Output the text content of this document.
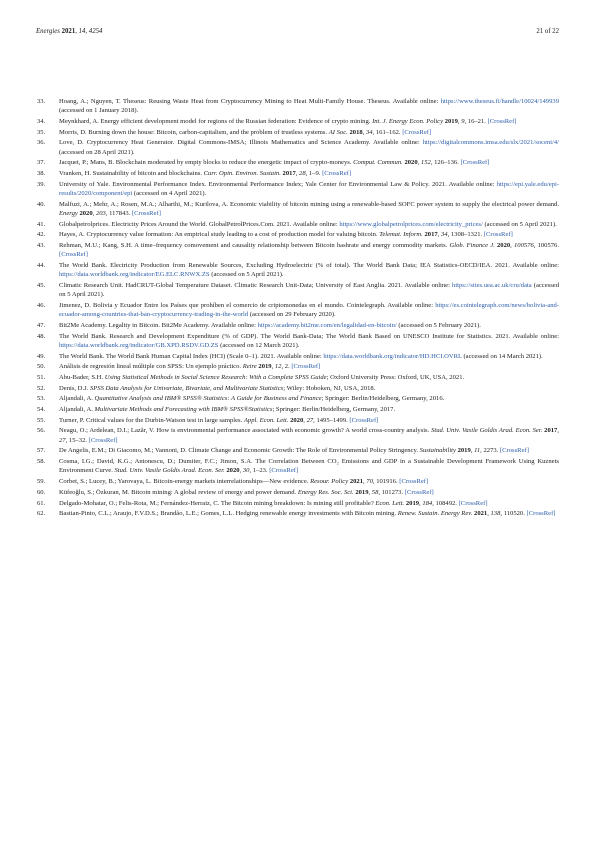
Energies 2021, 14, 4254	21 of 22
33. Hoang, A.; Nguyen, T. Theseus: Reusing Waste Heat from Cryptocurrency Mining to Heat Multi-Family House. Theseus. Available online: https://www.theseus.fi/handle/10024/149939 (accessed on 1 January 2018).
34. Meynkhard, A. Energy efficient development model for regions of the Russian federation: Evidence of crypto mining. Int. J. Energy Econ. Policy 2019, 9, 16–21. [CrossRef]
35. Morris, D. Burning down the house: Bitcoin, carbon-capitalism, and the problem of trustless systems. AI Soc. 2018, 34, 161–162. [CrossRef]
36. Love, D. Cryptocurrency Heat Generator. Digital Commons-IMSA; Illinois Mathematics and Science Academy. Available online: https://digitalcommons.imsa.edu/slx/2021/socent/4/ (accessed on 28 April 2021).
37. Jacquet, P.; Mans, B. Blockchain moderated by empty blocks to reduce the energetic impact of crypto-moneys. Comput. Commun. 2020, 152, 126–136. [CrossRef]
38. Vranken, H. Sustainability of bitcoin and blockchains. Curr. Opin. Environ. Sustain. 2017, 28, 1–9. [CrossRef]
39. University of Yale. Environmental Performance Index. Environmental Performance Index; Yale Center for Environmental Law & Policy. 2021. Available online: https://epi.yale.edu/epi-results/2020/component/epi (accessed on 4 April 2021).
40. Malfuzi, A.; Mehr, A.; Rosen, M.A.; Alharthi, M.; Kurilova, A. Economic viability of bitcoin mining using a renewable-based SOFC power system to supply the electrical power demand. Energy 2020, 203, 117843. [CrossRef]
41. Globalpetrolprices. Electricity Prices Around the World. GlobalPetrolPrices.Com. 2021. Available online: https://www.globalpetrolprices.com/electricity_prices/ (accessed on 5 April 2021).
42. Hayes, A. Cryptocurrency value formation: An empirical study leading to a cost of production model for valuing bitcoin. Telemat. Inform. 2017, 34, 1308–1321. [CrossRef]
43. Rehman, M.U.; Kang, S.H. A time–frequency comovement and causality relationship between Bitcoin hashrate and energy commodity markets. Glob. Finance J. 2020, 100576, 100576. [CrossRef]
44. The World Bank. Electricity Production from Renewable Sources, Excluding Hydroelectric (% of total). The World Bank Data; IEA Statistics-OECD/IEA. 2021. Available online: https://data.worldbank.org/indicator/EG.ELC.RNWX.ZS (accessed on 5 April 2021).
45. Climatic Research Unit. HadCRUT-Global Temperature Dataset. Climatic Research Unit-Data; University of East Anglia. 2021. Available online: https://sites.uea.ac.uk/cru/data (accessed on 5 April 2021).
46. Jimenez, D. Bolivia y Ecuador Entre los Países que prohíben el comercio de criptomonedas en el mundo. Cointelegraph. Available online: https://es.cointelegraph.com/news/bolivia-and-ecuador-among-countries-that-ban-cryptocurrency-trading-in-the-world (accessed on 29 February 2020).
47. Bit2Me Academy. Legality in Bitcoin. Bit2Me Academy. Available online: https://academy.bit2me.com/en/legalidad-en-bitcoin/ (accessed on 5 February 2021).
48. The World Bank. Research and Development Expenditure (% of GDP). The World Bank-Data; The World Bank Based on UNESCO Institute for Statistics. 2021. Available online: https://data.worldbank.org/indicator/GB.XPD.RSDV.GD.ZS (accessed on 12 March 2021).
49. The World Bank. The World Bank Human Capital Index (HCI) (Scale 0–1). 2021. Available online: https://data.worldbank.org/indicator/HD.HCI.OVRL (accessed on 14 March 2021).
50. Análisis de regresión lineal múltiple con SPSS: Un ejemplo práctico. Reire 2019, 12, 2. [CrossRef]
51. Abu-Bader, S.H. Using Statistical Methods in Social Science Research: With a Complete SPSS Guide; Oxford University Press: Oxford, UK, USA, 2021.
52. Denis, D.J. SPSS Data Analysis for Univariate, Bivariate, and Multivariate Statistics; Wiley: Hoboken, NJ, USA, 2018.
53. Aljandali, A. Quantitative Analysis and IBM® SPSS® Statistics: A Guide for Business and Finance; Springer: Berlin/Heidelberg, Germany, 2016.
54. Aljandali, A. Multivariate Methods and Forecasting with IBM® SPSS®Statistics; Springer: Berlin/Heidelberg, Germany, 2017.
55. Turner, P. Critical values for the Durbin-Watson test in large samples. Appl. Econ. Lett. 2020, 27, 1495–1499. [CrossRef]
56. Neagu, O.; Ardelean, D.I.; Lazăr, V. How is environmental performance associated with economic growth? A world cross-country analysis. Stud. Univ. Vasile Goldis Arad. Econ. Ser. 2017, 27, 15–32. [CrossRef]
57. De Angelis, E.M.; Di Giacomo, M.; Vannoni, D. Climate Change and Economic Growth: The Role of Environmental Policy Stringency. Sustainability 2019, 11, 2273. [CrossRef]
58. Cosma, I.G.; David, K.G.; Antonescu, D.; Dumiter, F.C.; Jimon, S.A. The Correlation Between CO₂ Emissions and GDP in a Sustainable Development Framework Using Kuznets Environment Curve. Stud. Univ. Vasile Goldis Arad. Econ. Ser. 2020, 30, 1–23. [CrossRef]
59. Corbet, S.; Lucey, B.; Yarovaya, L. Bitcoin-energy markets interrelationships—New evidence. Resour. Policy 2021, 70, 101916. [CrossRef]
60. Küfeoğlu, S.; Özkuran, M. Bitcoin mining: A global review of energy and power demand. Energy Res. Soc. Sci. 2019, 58, 101273. [CrossRef]
61. Delgado-Mohatar, O.; Felis-Rota, M.; Fernández-Herraiz, C. The Bitcoin mining breakdown: Is mining still profitable? Econ. Lett. 2019, 184, 108492. [CrossRef]
62. Bastian-Pinto, C.L.; Araujo, F.V.D.S.; Brandão, L.E.; Gomes, L.L. Hedging renewable energy investments with Bitcoin mining. Renew. Sustain. Energy Rev. 2021, 138, 110520. [CrossRef]
